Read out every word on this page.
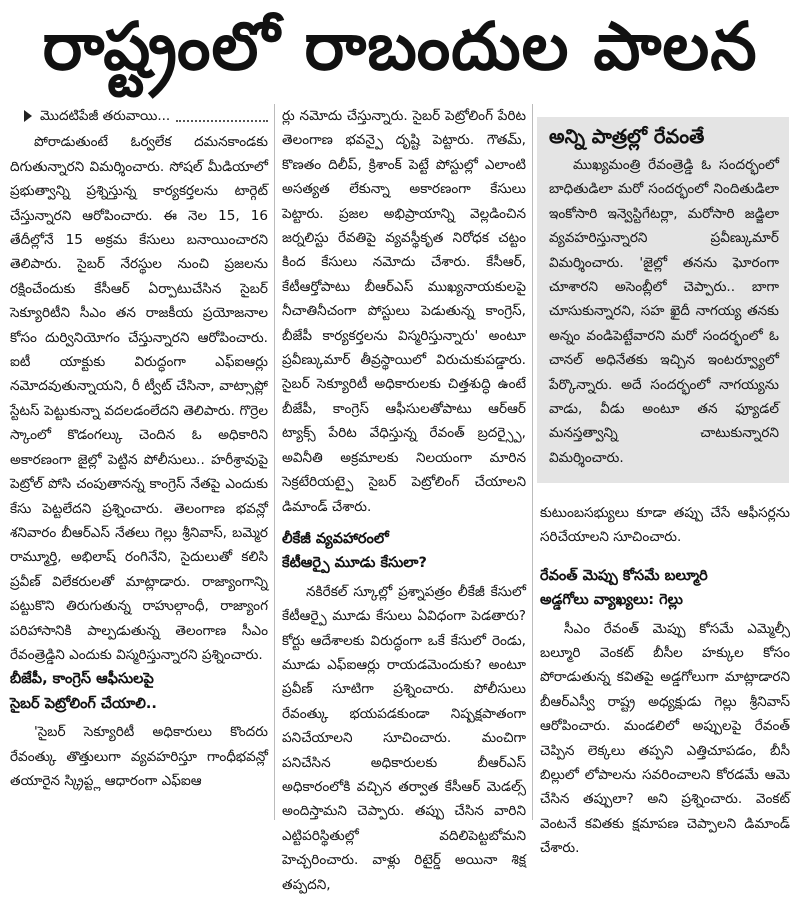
రాష్ట్రంలో రాబందుల పాలన
మొదటిపేజీ తరువాయి...

పోరాడుతుంటే ఓర్వలేక దమనకాండకు దిగుతున్నారని విమర్శించారు. సోషల్ మీడియాలో ప్రభుత్వాన్ని ప్రశ్నిస్తున్న కార్యకర్తలను టార్గెట్ చేస్తున్నారని ఆరోపించారు. ఈ నెల 15, 16 తేదీల్లోనే 15 అక్రమ కేసులు బనాయించారని తెలిపారు. సైబర్ నేరస్థుల నుంచి ప్రజలను రక్షించేందుకు కేసీఆర్ ఏర్పాటుచేసిన సైబర్ సెక్యూరిటీని సీఎం తన రాజకీయ ప్రయోజనాల కోసం దుర్వినియోగం చేస్తున్నారని ఆరోపించారు. ఐటీ యాక్టుకు విరుద్ధంగా ఎఫ్ఐఆర్లు నమోదవుతున్నాయని, రీ ట్వీట్ చేసినా, వాట్సాప్లో స్టేటస్ పెట్టుకున్నా వదలడంలేదని తెలిపారు. గొర్రెల స్కాంలో కొడంగల్కు చెందిన ఓ అధికారిని అకారణంగా జైల్లో పెట్టిన పోలీసులు.. హరీశ్రావుపై పెట్రోల్ పోసి చంపుతానన్న కాంగ్రెస్ నేతపై ఎందుకు కేసు పెట్టలేదని ప్రశ్నించారు. తెలంగాణ భవన్లో శనివారం బీఆర్ఎస్ నేతలు గెల్లు శ్రీనివాస్, బమ్మెర రామ్మూర్తి, అభిలాష్ రంగినేని, సైదులుతో కలిసి ప్రవీణ్ విలేకరులతో మాట్లాడారు. రాజ్యాంగాన్ని పట్టుకొని తిరుగుతున్న రాహుల్గాంధీ, రాజ్యాంగ పరిహాసానికి పాల్పడుతున్న తెలంగాణ సీఎం రేవంత్రెడ్డిని ఎందుకు విస్మరిస్తున్నారని ప్రశ్నించారు.

బీజేపీ, కాంగ్రెస్ ఆఫీసులపై
సైబర్ పెట్రోలింగ్ చేయాలి..

'సైబర్ సెక్యూరిటీ అధికారులు కొందరు రేవంత్కు తొత్తులుగా వ్యవహరిస్తూ గాంధీభవన్లో తయారైన స్క్రిప్ట్ల ఆధారంగా ఎఫ్ఐఆ

ర్లు నమోదు చేస్తున్నారు. సైబర్ పెట్రోలింగ్ పేరిట తెలంగాణ భవన్పై దృష్టి పెట్టారు. గౌతమ్, కొణతం దిలీప్, క్రిశాంక్ పెట్టే పోస్టుల్లో ఎలాంటి అసత్యత లేకున్నా అకారణంగా కేసులు పెట్టారు. ప్రజల అభిప్రాయాన్ని వెల్లడించిన జర్నలిస్టు రేవతిపై వ్యవస్థీకృత నిరోధక చట్టం కింద కేసులు నమోదు చేశారు. కేసీఆర్, కేటీఆర్తోపాటు బీఆర్ఎస్ ముఖ్యనాయకులపై నీచాతినీచంగా పోస్టులు పెడుతున్న కాంగ్రెస్, బీజేపీ కార్యకర్తలను విస్మరిస్తున్నారు' అంటూ ప్రవీణ్కుమార్ తీవ్రస్థాయిలో విరుచుకుపడ్డారు. సైబర్ సెక్యూరిటీ అధికారులకు చిత్తశుద్ధి ఉంటే బీజేపీ, కాంగ్రెస్ ఆఫీసులతోపాటు ఆర్ఆర్ ట్యాక్స్ పేరిట వేధిస్తున్న రేవంత్ బ్రదర్స్పై, అవినీతి అక్రమాలకు నిలయంగా మారిన సెక్రటేరియట్పై సైబర్ పెట్రోలింగ్ చేయాలని డిమాండ్ చేశారు.

లీకేజీ వ్యవహారంలో
కేటీఆర్పై మూడు కేసులా?

నకిరేకల్ స్కూల్లో ప్రశ్నాపత్రం లీకేజీ కేసులో కేటీఆర్పై మూడు కేసులు ఏవిధంగా పెడతారు? కోర్టు ఆదేశాలకు విరుద్ధంగా ఒకే కేసులో రెండు, మూడు ఎఫ్ఐఆర్లు రాయడమెందుకు? అంటూ ప్రవీణ్ సూటిగా ప్రశ్నించారు. పోలీసులు రేవంత్కు భయపడకుండా నిష్పక్షపాతంగా పనిచేయాలని సూచించారు. మంచిగా పనిచేసిన అధికారులకు బీఆర్ఎస్ అధికారంలోకి వచ్చిన తర్వాత కేసీఆర్ మెడల్స్ అందిస్తామని చెప్పారు. తప్పు చేసిన వారిని ఎట్టిపరిస్థితుల్లో వదిలిపెట్టబోమని హెచ్చరించారు. వాళ్లు రిటైర్డ్ అయినా శిక్ష తప్పదని,

అన్ని పాత్రల్లో రేవంతే

ముఖ్యమంత్రి రేవంత్రెడ్డి ఓ సందర్భంలో బాధితుడిలా మరో సందర్భంలో నిందితుడిలా ఇంకోసారి ఇన్వెస్టిగేటర్లా, మరోసారి జడ్జిలా వ్యవహరిస్తున్నారని ప్రవీణ్కుమార్ విమర్శించారు. 'జైల్లో తనను ఘోరంగా చూశారని అసెంబ్లీలో చెప్పారు.. బాగా చూసుకున్నారని, సహ ఖైదీ నాగయ్య తనకు అన్నం వండిపెట్టేవారని మరో సందర్భంలో ఓ చానల్ అధినేతకు ఇచ్చిన ఇంటర్వ్యూలో పేర్కొన్నారు. అదే సందర్భంలో నాగయ్యను వాడు, వీడు అంటూ తన ఫ్యూడల్ మనస్తత్వాన్ని చాటుకున్నారని విమర్శించారు.

కుటుంబసభ్యులు కూడా తప్పు చేసే ఆఫీసర్లను సరిచేయాలని సూచించారు.

రేవంత్ మెప్పు కోసమే బల్మూరి
అడ్డగోలు వ్యాఖ్యలు: గెల్లు

సీఎం రేవంత్ మెప్పు కోసమే ఎమ్మెల్సీ బల్మూరి వెంకట్ బీసీల హక్కుల కోసం పోరాడుతున్న కవితపై అడ్డగోలుగా మాట్లాడారని బీఆర్ఎస్వీ రాష్ట్ర అధ్యక్షుడు గెల్లు శ్రీనివాస్ ఆరోపించారు. మండలిలో అప్పులపై రేవంత్ చెప్పిన లెక్కలు తప్పని ఎత్తిచూపడం, బీసీ బిల్లులో లోపాలను సవరించాలని కోరడమే ఆమె చేసిన తప్పులా? అని ప్రశ్నించారు. వెంకట్ వెంటనే కవితకు క్షమాపణ చెప్పాలని డిమాండ్ చేశారు.
